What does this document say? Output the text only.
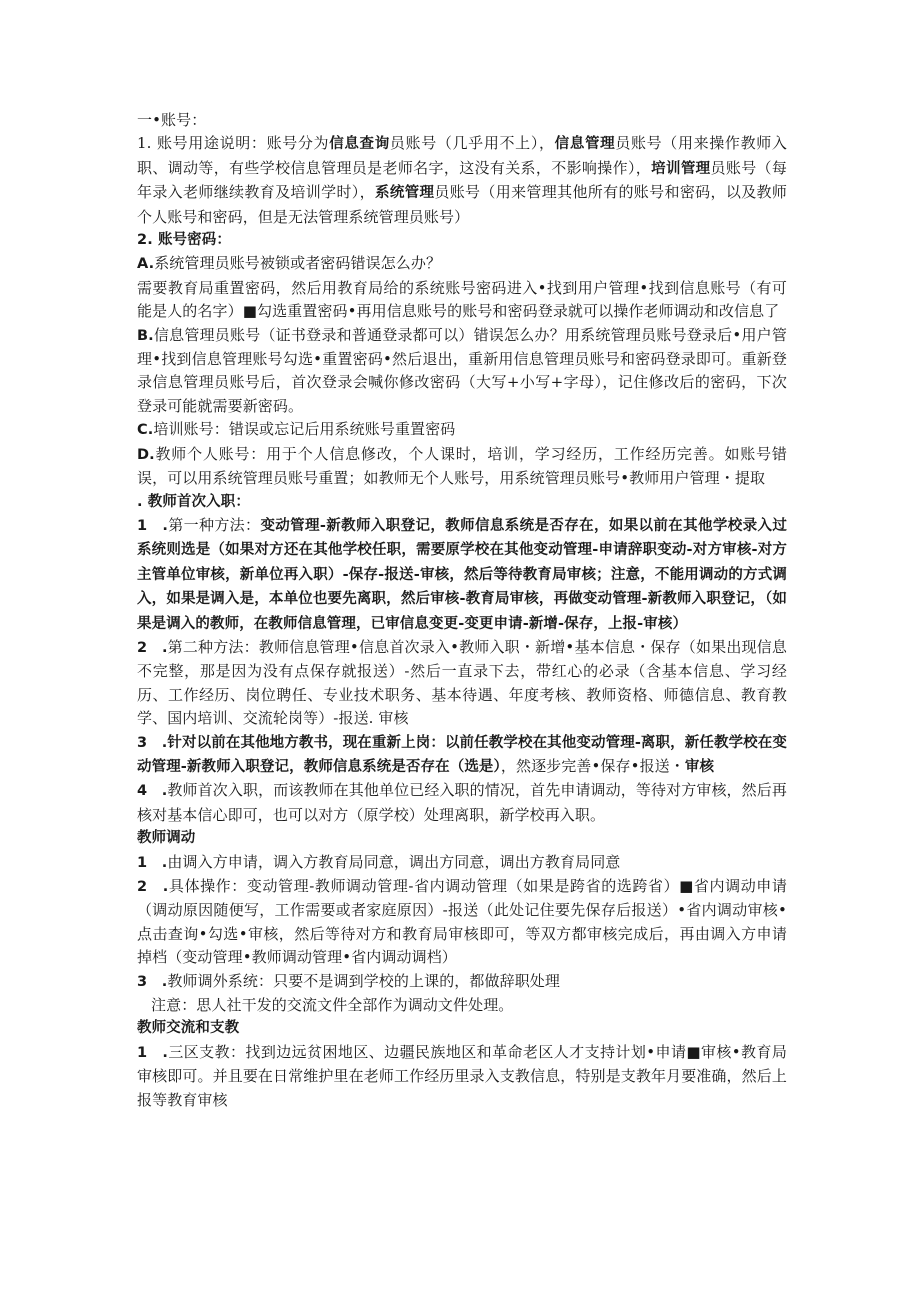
一•账号：

1. 账号用途说明：账号分为信息查询员账号（几乎用不上），信息管理员账号（用来操作教师入职、调动等，有些学校信息管理员是老师名字，这没有关系，不影响操作），培训管理员账号（每年录入老师继续教育及培训学时），系统管理员账号（用来管理其他所有的账号和密码，以及教师个人账号和密码，但是无法管理系统管理员账号）

2. 账号密码：

A.系统管理员账号被锁或者密码错误怎么办？

需要教育局重置密码，然后用教育局给的系统账号密码进入•找到用户管理•找到信息账号（有可能是人的名字）■勾选重置密码•再用信息账号的账号和密码登录就可以操作老师调动和改信息了

B.信息管理员账号（证书登录和普通登录都可以）错误怎么办？用系统管理员账号登录后•用户管理•找到信息管理账号勾选•重置密码•然后退出，重新用信息管理员账号和密码登录即可。重新登录信息管理员账号后，首次登录会喊你修改密码（大写+小写+字母），记住修改后的密码，下次登录可能就需要新密码。

C.培训账号：错误或忘记后用系统账号重置密码

D.教师个人账号：用于个人信息修改，个人课时，培训，学习经历，工作经历完善。如账号错误，可以用系统管理员账号重置；如教师无个人账号，用系统管理员账号•教师用户管理・提取

. 教师首次入职：

1　.第一种方法：变动管理-新教师入职登记，教师信息系统是否存在，如果以前在其他学校录入过系统则选是（如果对方还在其他学校任职，需要原学校在其他变动管理-申请辞职变动-对方审核-对方主管单位审核，新单位再入职）-保存-报送-审核，然后等待教育局审核；注意，不能用调动的方式调入，如果是调入是，本单位也要先离职，然后审核-教育局审核，再做变动管理-新教师入职登记，（如果是调入的教师，在教师信息管理，已审信息变更-变更申请-新增-保存，上报-审核）

2　.第二种方法：教师信息管理•信息首次录入•教师入职・新增•基本信息・保存（如果出现信息不完整，那是因为没有点保存就报送）-然后一直录下去，带红心的必录（含基本信息、学习经历、工作经历、岗位聘任、专业技术职务、基本待遇、年度考核、教师资格、师德信息、教育教学、国内培训、交流轮岗等）-报送. 审核

3　.针对以前在其他地方教书，现在重新上岗：以前任教学校在其他变动管理-离职，新任教学校在变动管理-新教师入职登记，教师信息系统是否存在（选是），然逐步完善•保存•报送・审核

4　.教师首次入职，而该教师在其他单位已经入职的情况，首先申请调动，等待对方审核，然后再核对基本信心即可，也可以对方（原学校）处理离职，新学校再入职。

教师调动

1　.由调入方申请，调入方教育局同意，调出方同意，调出方教育局同意

2　.具体操作：变动管理-教师调动管理-省内调动管理（如果是跨省的选跨省）■省内调动申请（调动原因随便写，工作需要或者家庭原因）-报送（此处记住要先保存后报送）•省内调动审核•点击查询•勾选•审核，然后等待对方和教育局审核即可，等双方都审核完成后，再由调入方申请掉档（变动管理•教师调动管理•省内调动调档）

3　.教师调外系统：只要不是调到学校的上课的，都做辞职处理

注意：思人社干发的交流文件全部作为调动文件处理。

教师交流和支教

1　.三区支教：找到边远贫困地区、边疆民族地区和革命老区人才支持计划•申请■审核•教育局审核即可。并且要在日常维护里在老师工作经历里录入支教信息，特别是支教年月要准确，然后上报等教育审核
